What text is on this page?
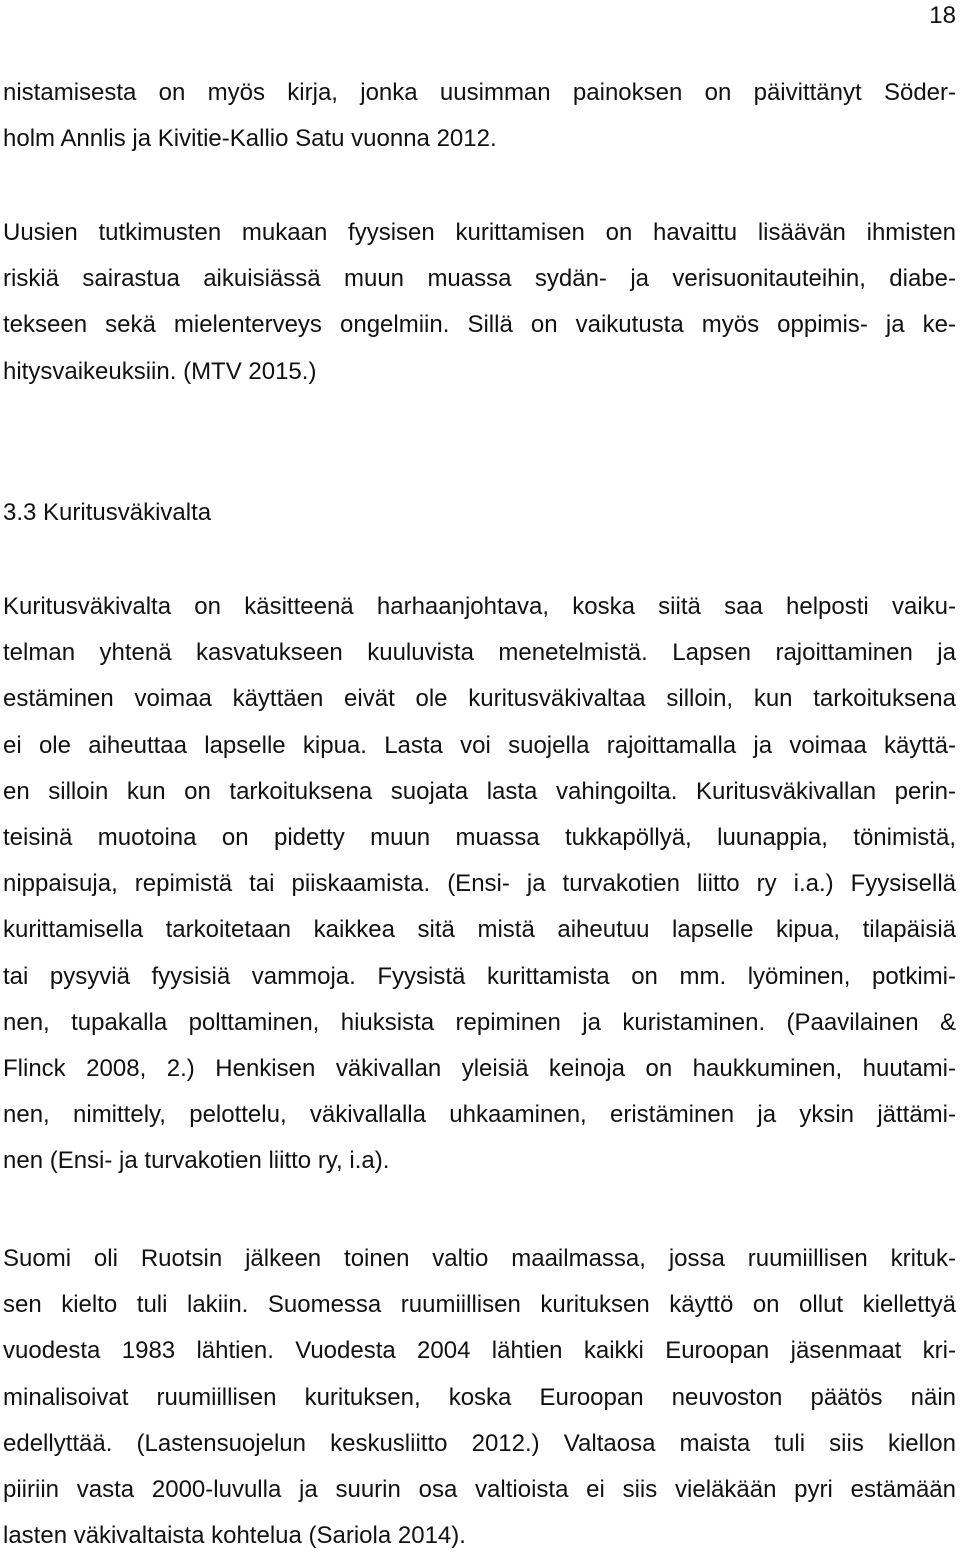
18
nistamisesta on myös kirja, jonka uusimman painoksen on päivittänyt Söder-
holm Annlis ja Kivitie-Kallio Satu vuonna 2012.
Uusien tutkimusten mukaan fyysisen kurittamisen on havaittu lisäävän ihmisten
riskiä sairastua aikuisiässä muun muassa sydän- ja verisuonitauteihin, diabe-
tekseen sekä mielenterveys ongelmiin. Sillä on vaikutusta myös oppimis- ja ke-
hitysvaikeuksiin. (MTV 2015.)
3.3 Kuritusväkivalta
Kuritusväkivalta on käsitteenä harhaanjohtava, koska siitä saa helposti vaiku-
telman yhtenä kasvatukseen kuuluvista menetelmistä. Lapsen rajoittaminen ja
estäminen voimaa käyttäen eivät ole kuritusväkivaltaa silloin, kun tarkoituksena
ei ole aiheuttaa lapselle kipua. Lasta voi suojella rajoittamalla ja voimaa käyttä-
en silloin kun on tarkoituksena suojata lasta vahingoilta. Kuritusväkivallan perin-
teisinä muotoina on pidetty muun muassa tukkapöllyä, luunappia, tönimistä,
nippaisuja, repimistä tai piiskaamista. (Ensi- ja turvakotien liitto ry i.a.) Fyysisellä
kurittamisella tarkoitetaan kaikkea sitä mistä aiheutuu lapselle kipua, tilapäisiä
tai pysyviä fyysisiä vammoja. Fyysistä kurittamista on mm. lyöminen, potkimi-
nen, tupakalla polttaminen, hiuksista repiminen ja kuristaminen. (Paavilainen &
Flinck 2008, 2.) Henkisen väkivallan yleisiä keinoja on haukkuminen, huutami-
nen, nimittely, pelottelu, väkivallalla uhkaaminen, eristäminen ja yksin jättämi-
nen (Ensi- ja turvakotien liitto ry, i.a).
Suomi oli Ruotsin jälkeen toinen valtio maailmassa, jossa ruumiillisen krituk-
sen kielto tuli lakiin. Suomessa ruumiillisen kurituksen käyttö on ollut kiellettyä
vuodesta 1983 lähtien. Vuodesta 2004 lähtien kaikki Euroopan jäsenmaat kri-
minalisoivat ruumiillisen kurituksen, koska Euroopan neuvoston päätös näin
edellyttää. (Lastensuojelun keskusliitto 2012.) Valtaosa maista tuli siis kiellon
piiriin vasta 2000-luvulla ja suurin osa valtioista ei siis vieläkään pyri estämään
lasten väkivaltaista kohtelua (Sariola 2014).
